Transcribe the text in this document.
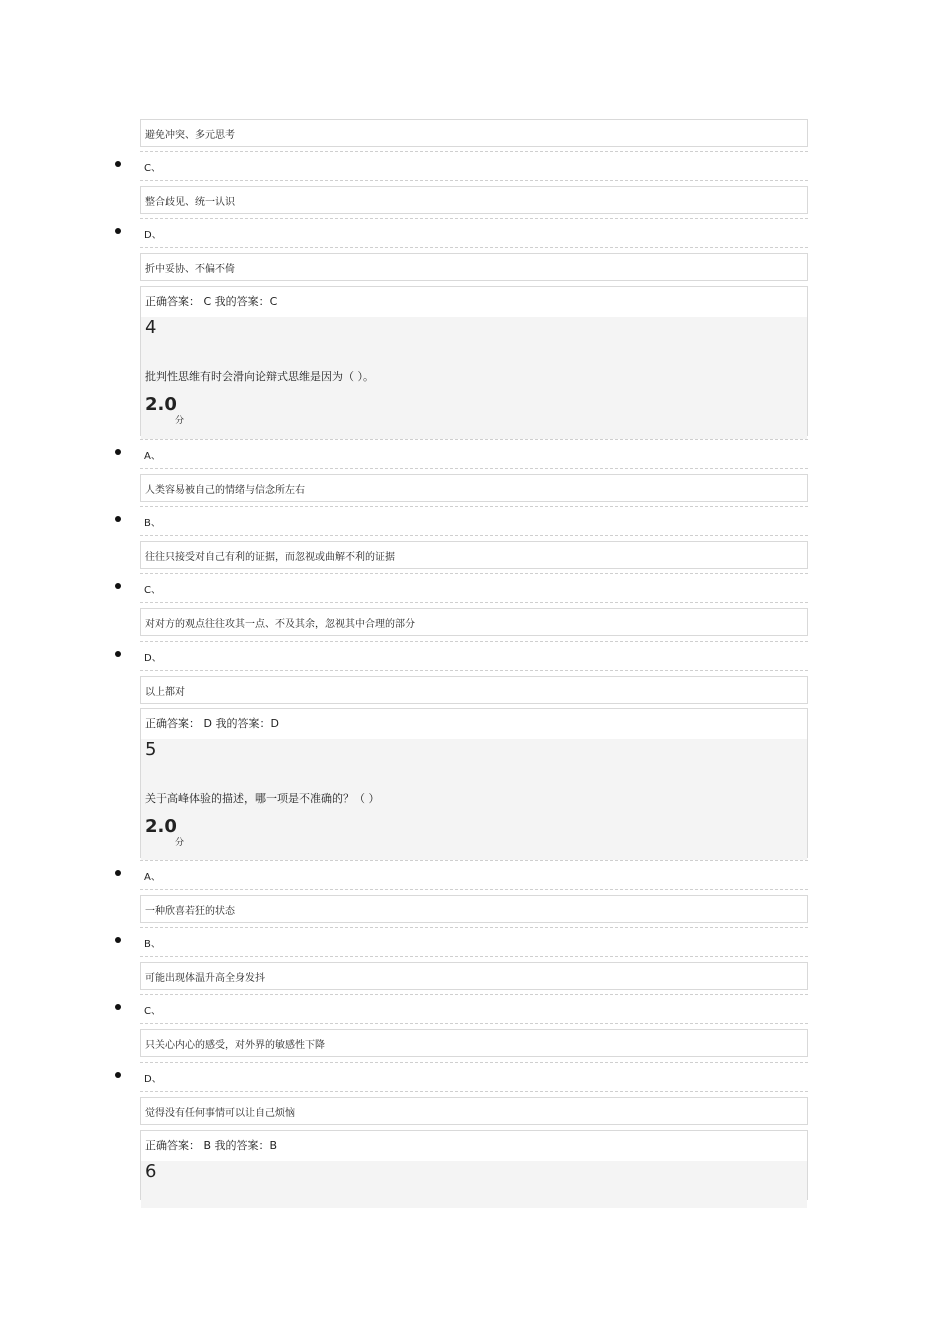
避免冲突、多元思考
C、
整合歧见、统一认识
D、
折中妥协、不偏不倚
正确答案： C 我的答案：C
4
批判性思维有时会滑向论辩式思维是因为（ ）。
2.0
分
A、
人类容易被自己的情绪与信念所左右
B、
往往只接受对自己有利的证据，而忽视或曲解不利的证据
C、
对对方的观点往往攻其一点、不及其余，忽视其中合理的部分
D、
以上都对
正确答案： D 我的答案：D
5
关于高峰体验的描述，哪一项是不准确的？（ ）
2.0
分
A、
一种欣喜若狂的状态
B、
可能出现体温升高全身发抖
C、
只关心内心的感受，对外界的敏感性下降
D、
觉得没有任何事情可以让自己烦恼
正确答案： B 我的答案：B
6
